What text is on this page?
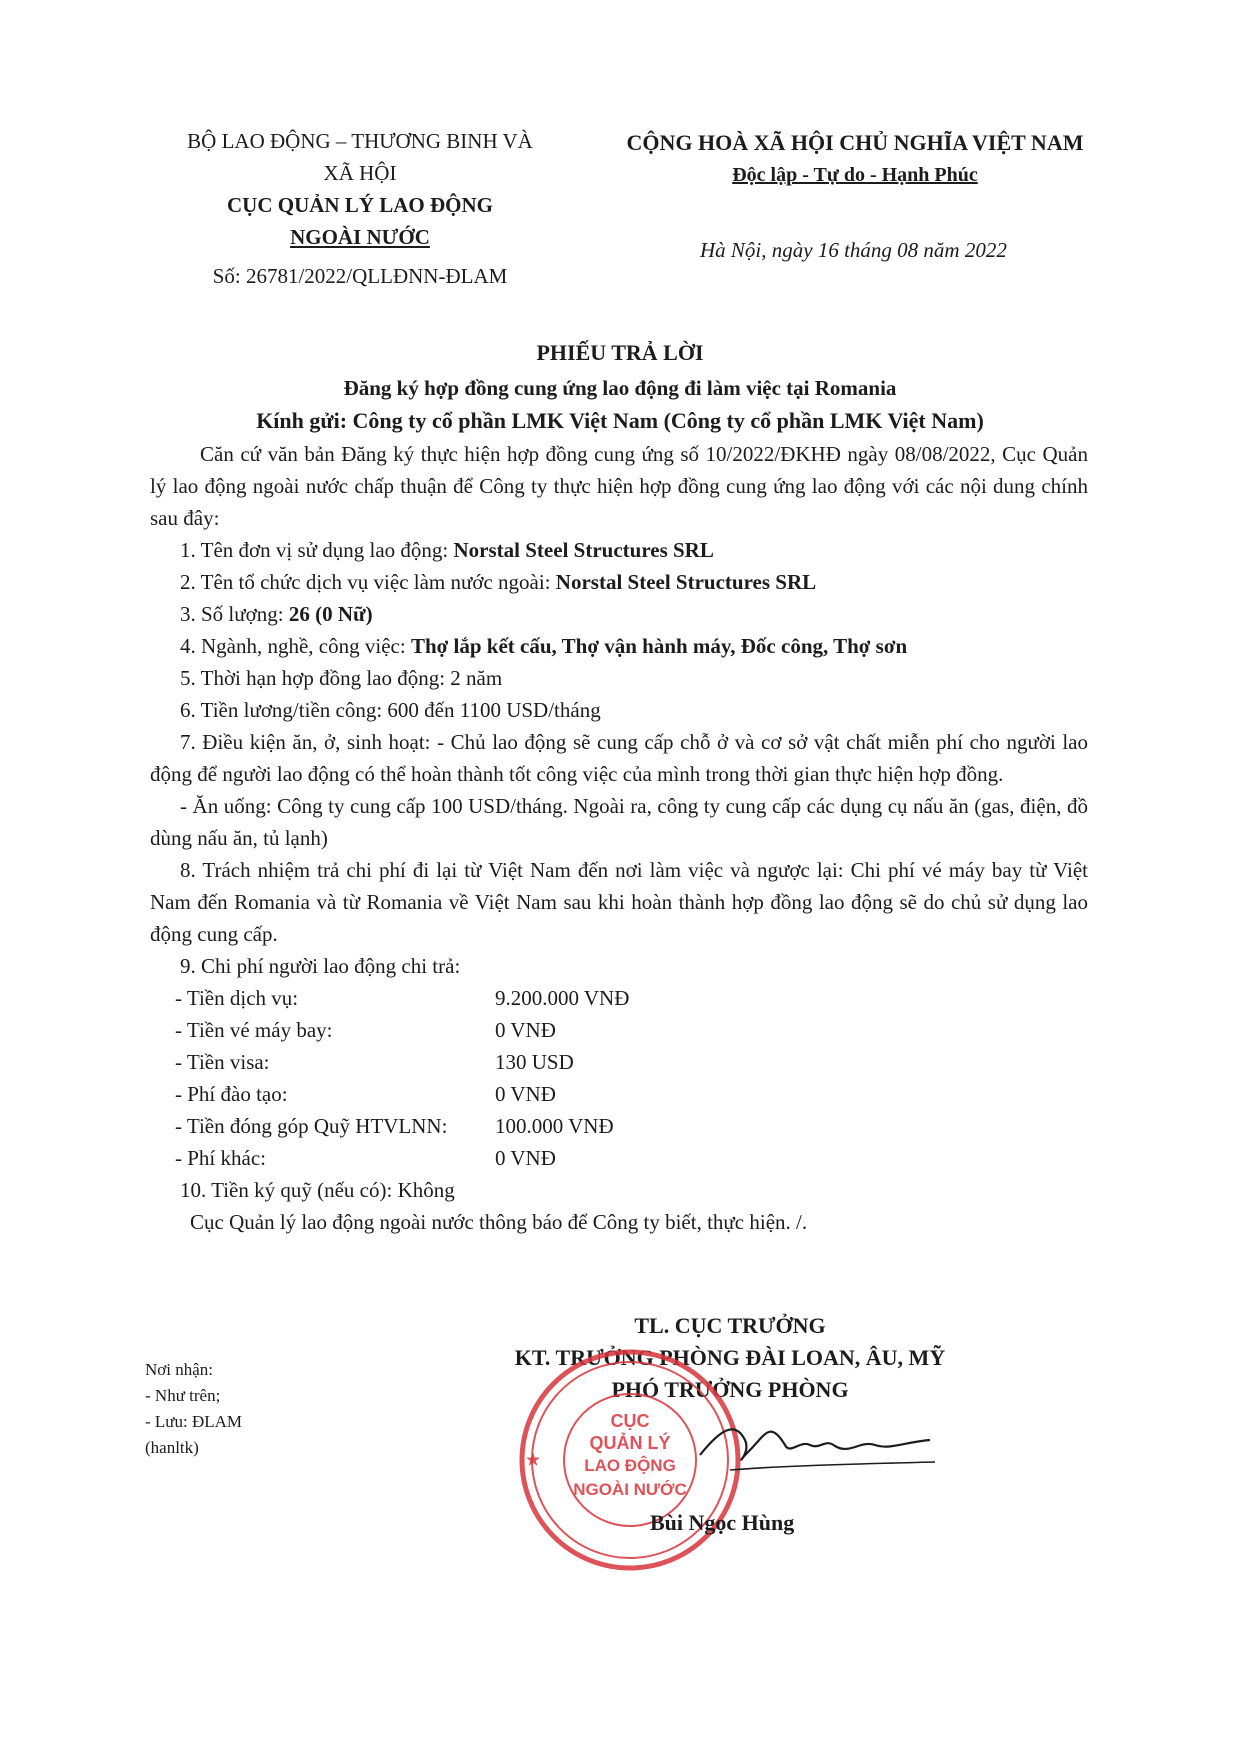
BỘ LAO ĐỘNG – THƯƠNG BINH VÀ
XÃ HỘI
CỤC QUẢN LÝ LAO ĐỘNG
NGOÀI NƯỚC
CỘNG HOÀ XÃ HỘI CHỦ NGHĨA VIỆT NAM
Độc lập - Tự do - Hạnh Phúc
Số: 26781/2022/QLLĐNN-ĐLAM
Hà Nội, ngày 16 tháng 08 năm 2022
PHIẾU TRẢ LỜI
Đăng ký hợp đồng cung ứng lao động đi làm việc tại Romania
Kính gửi: Công ty cổ phần LMK Việt Nam (Công ty cổ phần LMK Việt Nam)

Căn cứ văn bản Đăng ký thực hiện hợp đồng cung ứng số 10/2022/ĐKHĐ ngày 08/08/2022, Cục Quản lý lao động ngoài nước chấp thuận để Công ty thực hiện hợp đồng cung ứng lao động với các nội dung chính sau đây:

1. Tên đơn vị sử dụng lao động: Norstal Steel Structures SRL

2. Tên tổ chức dịch vụ việc làm nước ngoài: Norstal Steel Structures SRL

3. Số lượng: 26 (0 Nữ)

4. Ngành, nghề, công việc: Thợ lắp kết cấu, Thợ vận hành máy, Đốc công, Thợ sơn

5. Thời hạn hợp đồng lao động: 2 năm

6. Tiền lương/tiền công: 600 đến 1100 USD/tháng

7. Điều kiện ăn, ở, sinh hoạt: - Chủ lao động sẽ cung cấp chỗ ở và cơ sở vật chất miễn phí cho người lao động để người lao động có thể hoàn thành tốt công việc của mình trong thời gian thực hiện hợp đồng.

- Ăn uống: Công ty cung cấp 100 USD/tháng. Ngoài ra, công ty cung cấp các dụng cụ nấu ăn (gas, điện, đồ dùng nấu ăn, tủ lạnh)

8. Trách nhiệm trả chi phí đi lại từ Việt Nam đến nơi làm việc và ngược lại: Chi phí vé máy bay từ Việt Nam đến Romania và từ Romania về Việt Nam sau khi hoàn thành hợp đồng lao động sẽ do chủ sử dụng lao động cung cấp.

9. Chi phí người lao động chi trả:

- Tiền dịch vụ:	9.200.000 VNĐ
- Tiền vé máy bay:	0 VNĐ
- Tiền visa:	130 USD
- Phí đào tạo:	0 VNĐ
- Tiền đóng góp Quỹ HTVLNN:	100.000 VNĐ
- Phí khác:	0 VNĐ

10. Tiền ký quỹ (nếu có): Không

Cục Quản lý lao động ngoài nước thông báo để Công ty biết, thực hiện. /.

Nơi nhận:
- Như trên;
- Lưu: ĐLAM
(hanltk)
TL. CỤC TRƯỞNG
KT. TRƯỞNG PHÒNG ĐÀI LOAN, ÂU, MỸ
PHÓ TRƯỞNG PHÒNG
CỤC
QUẢN LÝ
LAO ĐỘNG
NGOÀI NƯỚC
★
Bùi Ngọc Hùng
